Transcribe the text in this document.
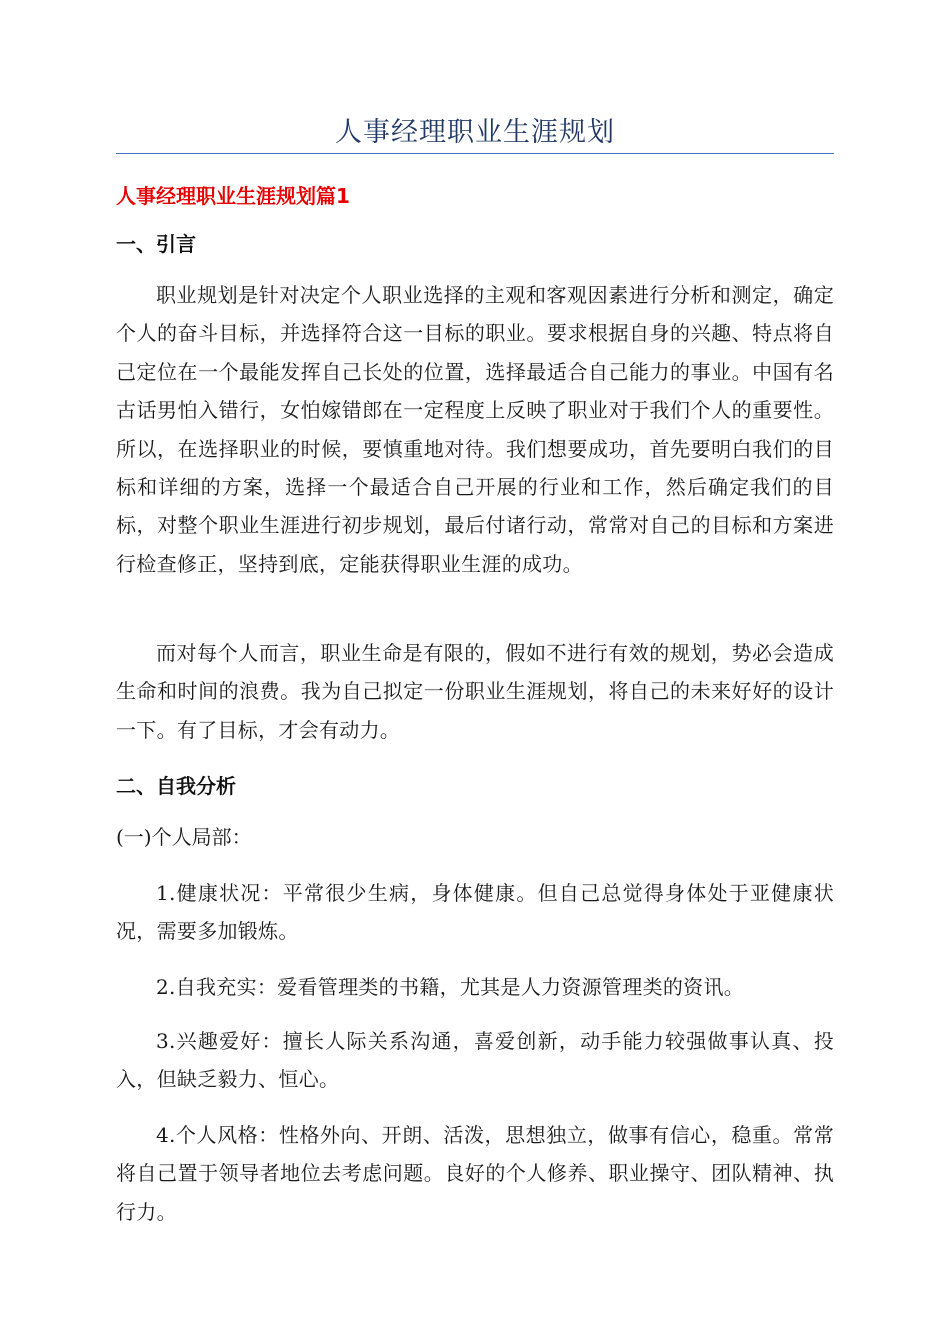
人事经理职业生涯规划
人事经理职业生涯规划篇1
一、引言
职业规划是针对决定个人职业选择的主观和客观因素进行分析和测定，确定个人的奋斗目标，并选择符合这一目标的职业。要求根据自身的兴趣、特点将自己定位在一个最能发挥自己长处的位置，选择最适合自己能力的事业。中国有名古话男怕入错行，女怕嫁错郎在一定程度上反映了职业对于我们个人的重要性。所以，在选择职业的时候，要慎重地对待。我们想要成功，首先要明白我们的目标和详细的方案，选择一个最适合自己开展的行业和工作，然后确定我们的目标，对整个职业生涯进行初步规划，最后付诸行动，常常对自己的目标和方案进行检查修正，坚持到底，定能获得职业生涯的成功。
而对每个人而言，职业生命是有限的，假如不进行有效的规划，势必会造成生命和时间的浪费。我为自己拟定一份职业生涯规划，将自己的未来好好的设计一下。有了目标，才会有动力。
二、自我分析
(一)个人局部：
1.健康状况：平常很少生病，身体健康。但自己总觉得身体处于亚健康状况，需要多加锻炼。
2.自我充实：爱看管理类的书籍，尤其是人力资源管理类的资讯。
3.兴趣爱好：擅长人际关系沟通，喜爱创新，动手能力较强做事认真、投入，但缺乏毅力、恒心。
4.个人风格：性格外向、开朗、活泼，思想独立，做事有信心，稳重。常常将自己置于领导者地位去考虑问题。良好的个人修养、职业操守、团队精神、执行力。
